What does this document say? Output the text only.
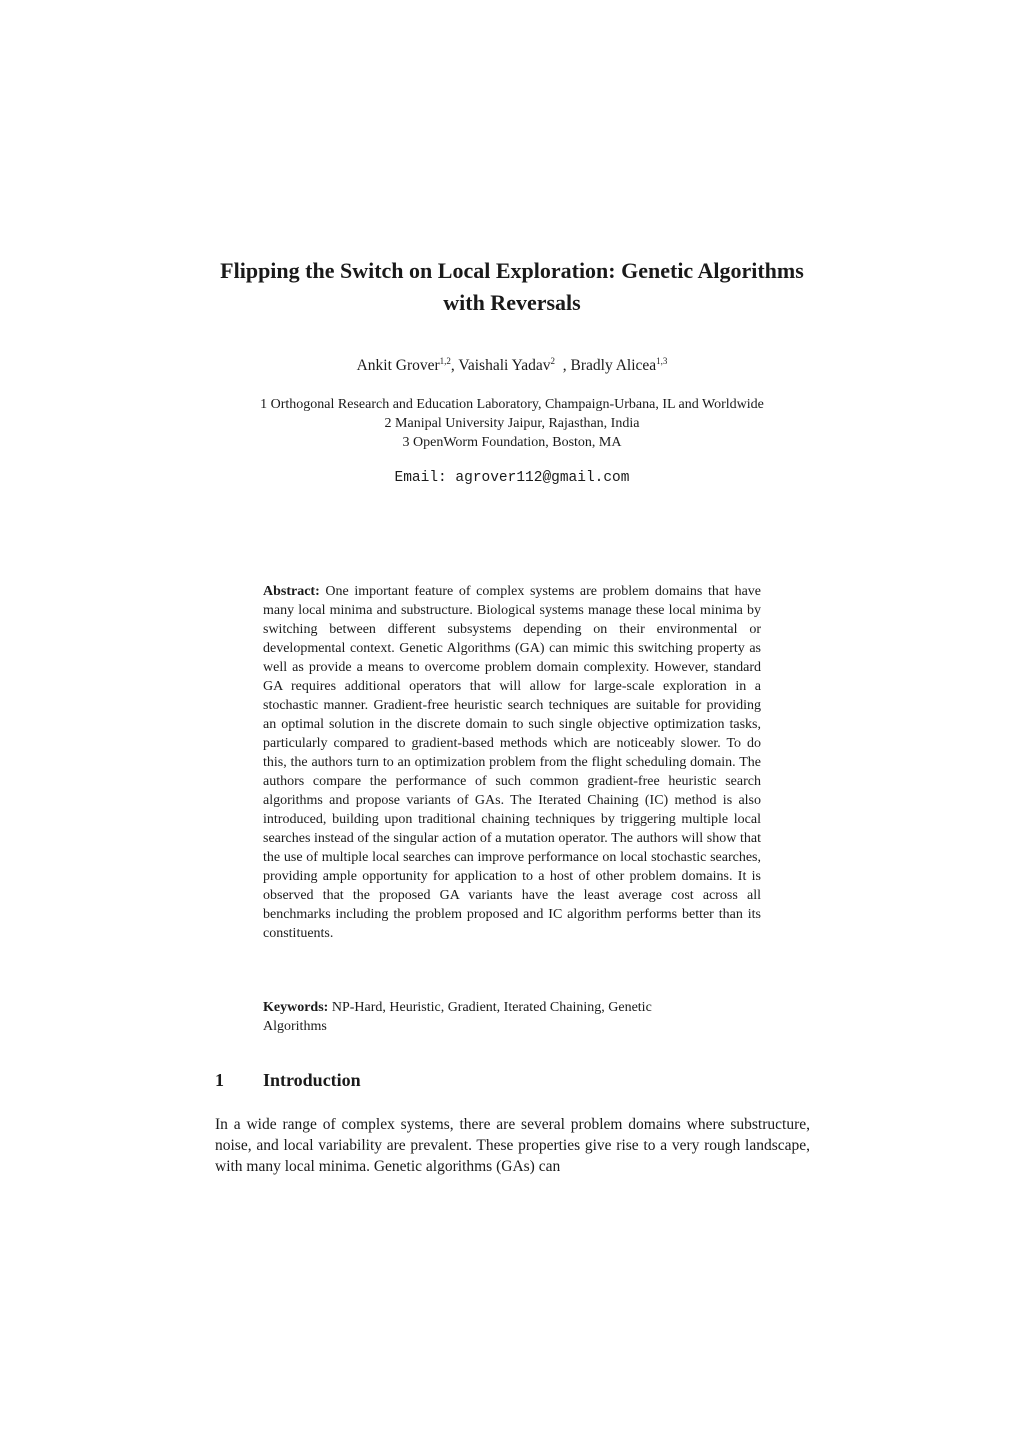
Flipping the Switch on Local Exploration: Genetic Algorithms with Reversals
Ankit Grover$^{1,2}$, Vaishali Yadav$^2$  , Bradly Alicea$^{1,3}$
1 Orthogonal Research and Education Laboratory, Champaign-Urbana, IL and Worldwide
2 Manipal University Jaipur, Rajasthan, India
3 OpenWorm Foundation, Boston, MA
Email: agrover112@gmail.com

Abstract: One important feature of complex systems are problem domains that have many local minima and substructure. Biological systems manage these local minima by switching between different subsystems depending on their environmental or developmental context. Genetic Algorithms (GA) can mimic this switching property as well as provide a means to overcome problem domain complexity. However, standard GA requires additional operators that will allow for large-scale exploration in a stochastic manner. Gradient-free heuristic search techniques are suitable for providing an optimal solution in the discrete domain to such single objective optimization tasks, particularly compared to gradient-based methods which are noticeably slower. To do this, the authors turn to an optimization problem from the flight scheduling domain. The authors compare the performance of such common gradient-free heuristic search algorithms and propose variants of GAs. The Iterated Chaining (IC) method is also introduced, building upon traditional chaining techniques by triggering multiple local searches instead of the singular action of a mutation operator. The authors will show that the use of multiple local searches can improve performance on local stochastic searches, providing ample opportunity for application to a host of other problem domains. It is observed that the proposed GA variants have the least average cost across all benchmarks including the problem proposed and IC algorithm performs better than its constituents.

Keywords: NP-Hard, Heuristic, Gradient, Iterated Chaining, Genetic Algorithms

1 Introduction

In a wide range of complex systems, there are several problem domains where substructure, noise, and local variability are prevalent. These properties give rise to a very rough landscape, with many local minima. Genetic algorithms (GAs) can
